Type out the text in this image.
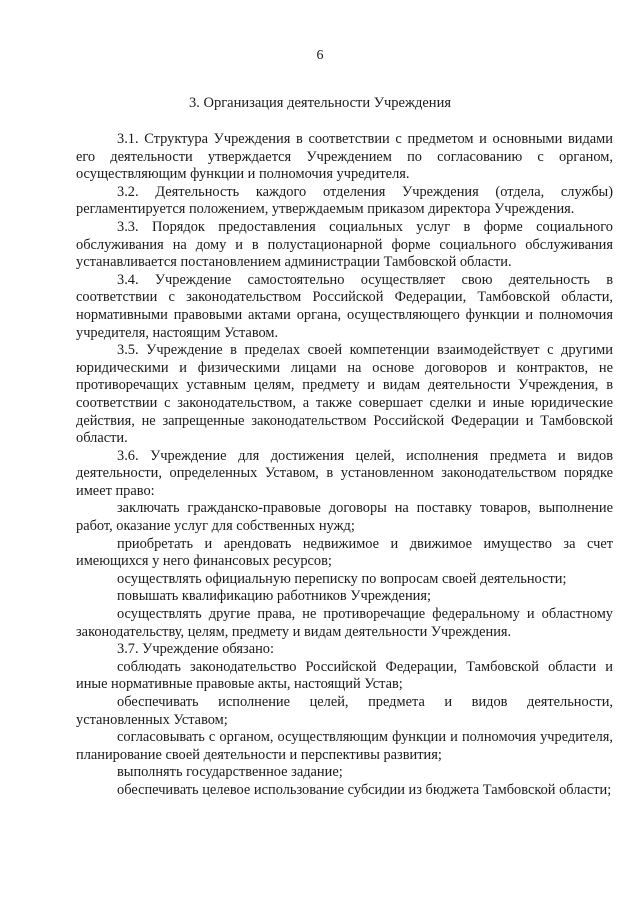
6
3. Организация деятельности Учреждения

3.1. Структура Учреждения в соответствии с предметом и основными видами его деятельности утверждается Учреждением по согласованию с органом, осуществляющим функции и полномочия учредителя.

3.2. Деятельность каждого отделения Учреждения (отдела, службы) регламентируется положением, утверждаемым приказом директора Учреждения.

3.3. Порядок предоставления социальных услуг в форме социального обслуживания на дому и в полустационарной форме социального обслуживания устанавливается постановлением администрации Тамбовской области.

3.4. Учреждение самостоятельно осуществляет свою деятельность в соответствии с законодательством Российской Федерации, Тамбовской области, нормативными правовыми актами органа, осуществляющего функции и полномочия учредителя, настоящим Уставом.

3.5. Учреждение в пределах своей компетенции взаимодействует с другими юридическими и физическими лицами на основе договоров и контрактов, не противоречащих уставным целям, предмету и видам деятельности Учреждения, в соответствии с законодательством, а также совершает сделки и иные юридические действия, не запрещенные законодательством Российской Федерации и Тамбовской области.

3.6. Учреждение для достижения целей, исполнения предмета и видов деятельности, определенных Уставом, в установленном законодательством порядке имеет право:

заключать гражданско-правовые договоры на поставку товаров, выполнение работ, оказание услуг для собственных нужд;

приобретать и арендовать недвижимое и движимое имущество за счет имеющихся у него финансовых ресурсов;

осуществлять официальную переписку по вопросам своей деятельности;

повышать квалификацию работников Учреждения;

осуществлять другие права, не противоречащие федеральному и областному законодательству, целям, предмету и видам деятельности Учреждения.

3.7. Учреждение обязано:

соблюдать законодательство Российской Федерации, Тамбовской области и иные нормативные правовые акты, настоящий Устав;

обеспечивать исполнение целей, предмета и видов деятельности, установленных Уставом;

согласовывать с органом, осуществляющим функции и полномочия учредителя, планирование своей деятельности и перспективы развития;

выполнять государственное задание;

обеспечивать целевое использование субсидии из бюджета Тамбовской области;
